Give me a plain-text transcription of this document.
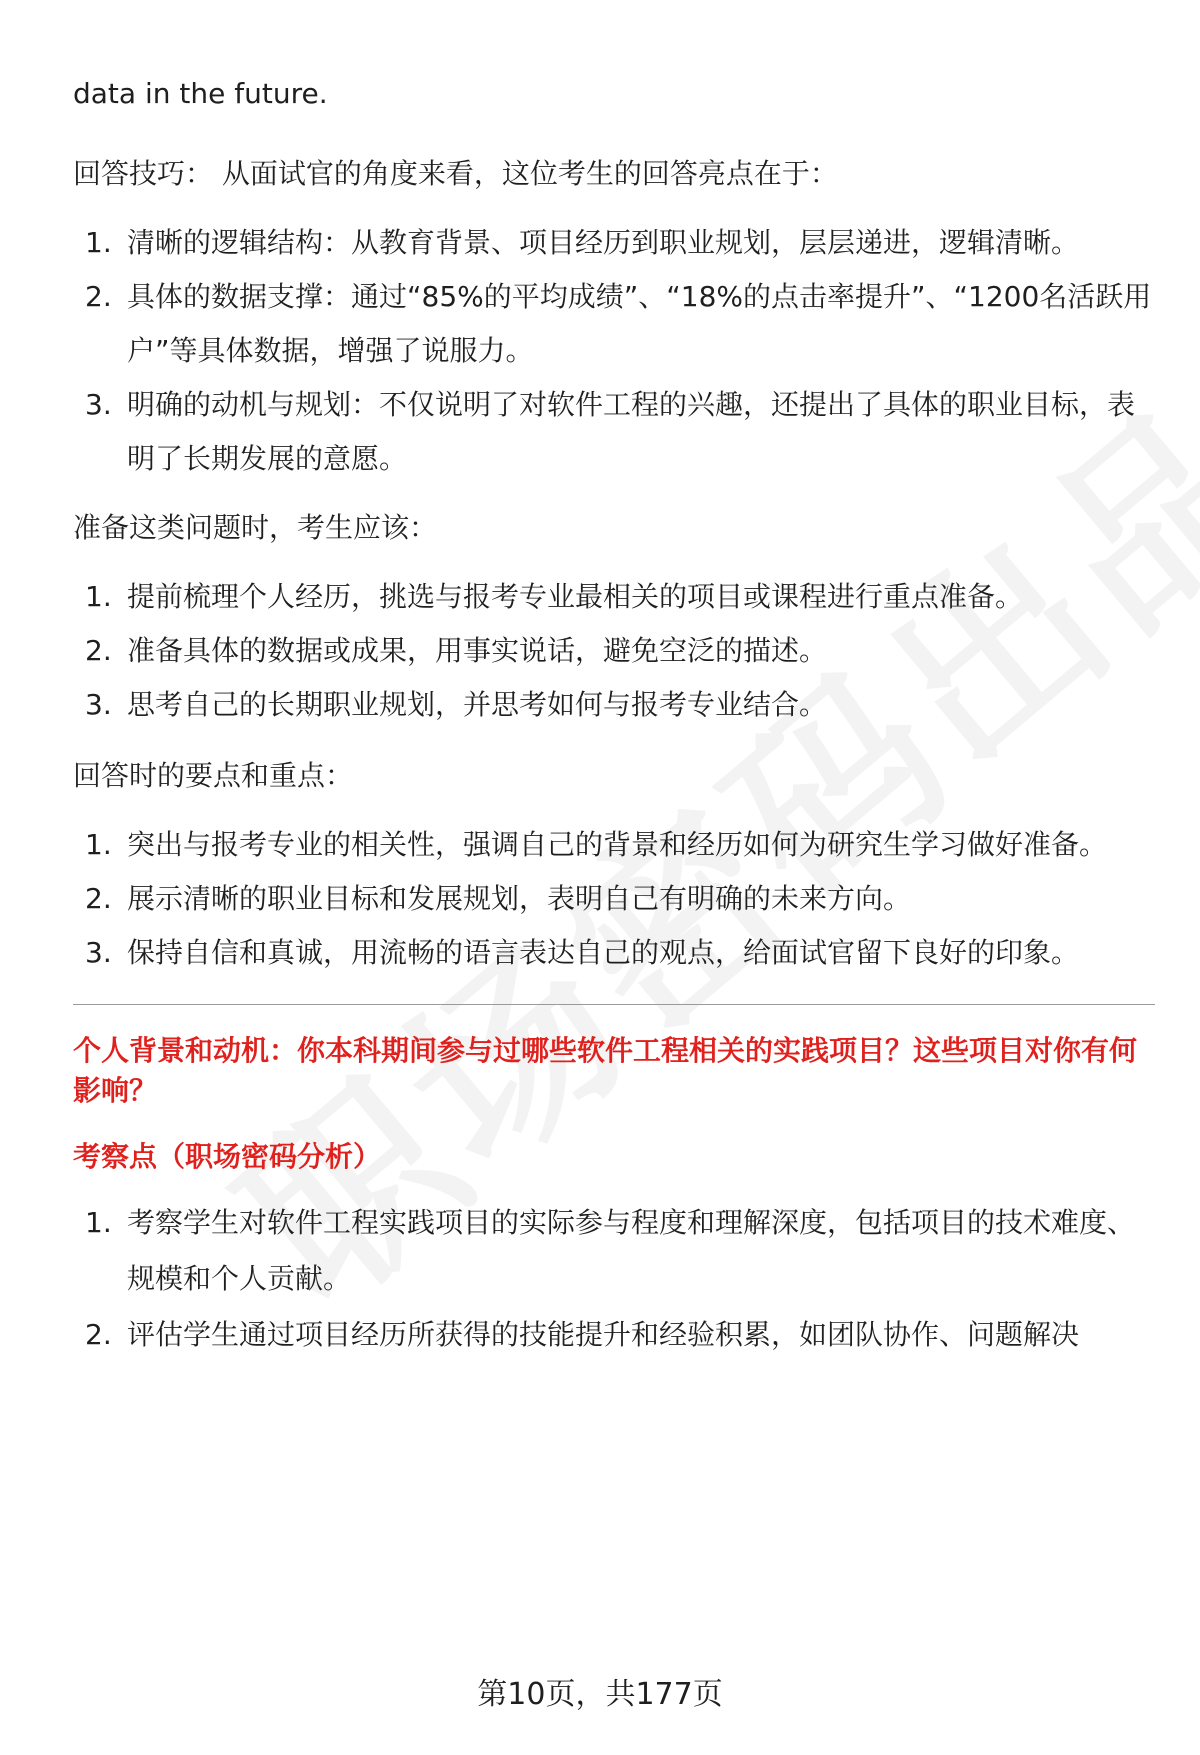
data in the future.

回答技巧： 从面试官的角度来看，这位考生的回答亮点在于：

1. 清晰的逻辑结构：从教育背景、项目经历到职业规划，层层递进，逻辑清晰。
2. 具体的数据支撑：通过“85%的平均成绩”、“18%的点击率提升”、“1200名活跃用户”等具体数据，增强了说服力。
3. 明确的动机与规划：不仅说明了对软件工程的兴趣，还提出了具体的职业目标，表明了长期发展的意愿。

准备这类问题时，考生应该：

1. 提前梳理个人经历，挑选与报考专业最相关的项目或课程进行重点准备。
2. 准备具体的数据或成果，用事实说话，避免空泛的描述。
3. 思考自己的长期职业规划，并思考如何与报考专业结合。

回答时的要点和重点：

1. 突出与报考专业的相关性，强调自己的背景和经历如何为研究生学习做好准备。
2. 展示清晰的职业目标和发展规划，表明自己有明确的未来方向。
3. 保持自信和真诚，用流畅的语言表达自己的观点，给面试官留下良好的印象。

个人背景和动机：你本科期间参与过哪些软件工程相关的实践项目？这些项目对你有何影响？

考察点（职场密码分析）

1. 考察学生对软件工程实践项目的实际参与程度和理解深度，包括项目的技术难度、规模和个人贡献。
2. 评估学生通过项目经历所获得的技能提升和经验积累，如团队协作、问题解决
第10页，共177页
